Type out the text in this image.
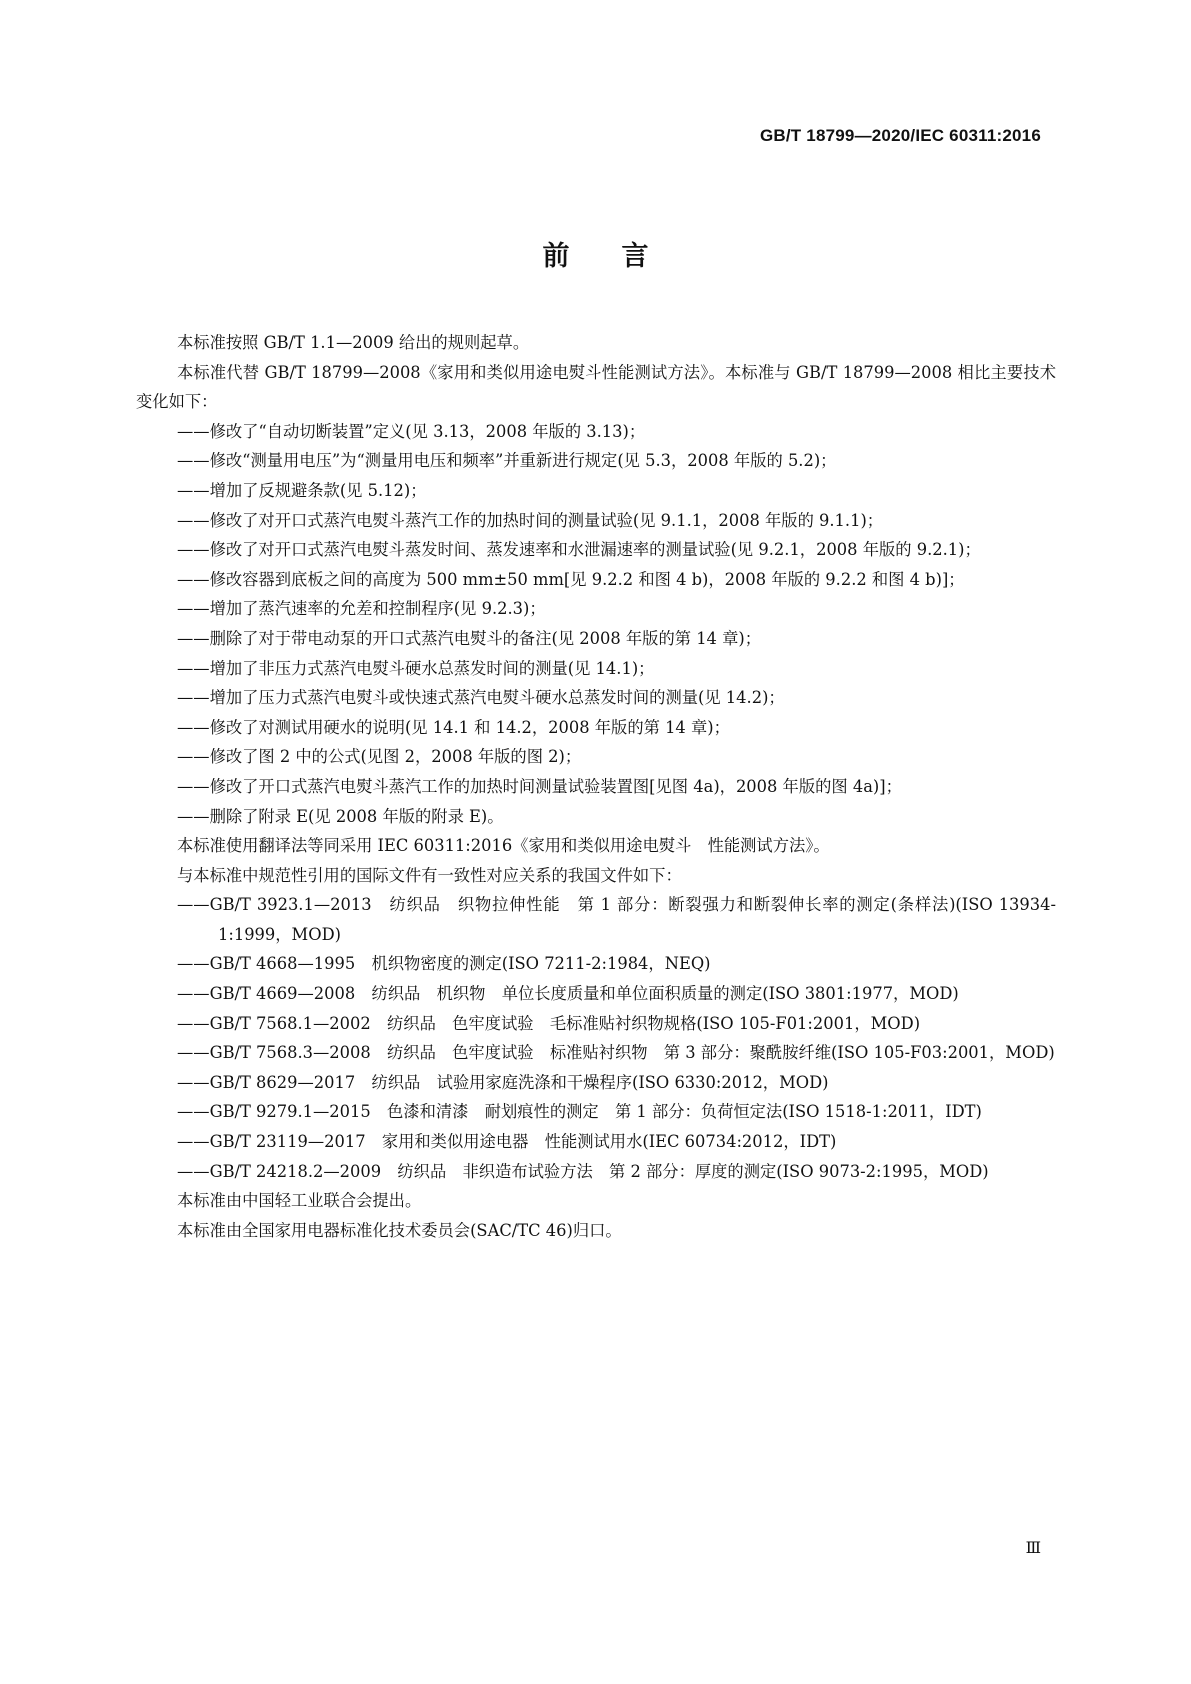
GB/T 18799—2020/IEC 60311:2016
前言

本标准按照 GB/T 1.1—2009 给出的规则起草。

本标准代替 GB/T 18799—2008《家用和类似用途电熨斗性能测试方法》。本标准与 GB/T 18799—2008 相比主要技术变化如下：

——修改了“自动切断装置”定义(见 3.13，2008 年版的 3.13)；

——修改“测量用电压”为“测量用电压和频率”并重新进行规定(见 5.3，2008 年版的 5.2)；

——增加了反规避条款(见 5.12)；

——修改了对开口式蒸汽电熨斗蒸汽工作的加热时间的测量试验(见 9.1.1，2008 年版的 9.1.1)；

——修改了对开口式蒸汽电熨斗蒸发时间、蒸发速率和水泄漏速率的测量试验(见 9.2.1，2008 年版的 9.2.1)；

——修改容器到底板之间的高度为 500 mm±50 mm[见 9.2.2 和图 4 b)，2008 年版的 9.2.2 和图 4 b)]；

——增加了蒸汽速率的允差和控制程序(见 9.2.3)；

——删除了对于带电动泵的开口式蒸汽电熨斗的备注(见 2008 年版的第 14 章)；

——增加了非压力式蒸汽电熨斗硬水总蒸发时间的测量(见 14.1)；

——增加了压力式蒸汽电熨斗或快速式蒸汽电熨斗硬水总蒸发时间的测量(见 14.2)；

——修改了对测试用硬水的说明(见 14.1 和 14.2，2008 年版的第 14 章)；

——修改了图 2 中的公式(见图 2，2008 年版的图 2)；

——修改了开口式蒸汽电熨斗蒸汽工作的加热时间测量试验装置图[见图 4a)，2008 年版的图 4a)]；

——删除了附录 E(见 2008 年版的附录 E)。

本标准使用翻译法等同采用 IEC 60311:2016《家用和类似用途电熨斗　性能测试方法》。

与本标准中规范性引用的国际文件有一致性对应关系的我国文件如下：

——GB/T 3923.1—2013　纺织品　织物拉伸性能　第 1 部分：断裂强力和断裂伸长率的测定(条样法)(ISO 13934-1:1999，MOD)

——GB/T 4668—1995　机织物密度的测定(ISO 7211-2:1984，NEQ)

——GB/T 4669—2008　纺织品　机织物　单位长度质量和单位面积质量的测定(ISO 3801:1977，MOD)

——GB/T 7568.1—2002　纺织品　色牢度试验　毛标准贴衬织物规格(ISO 105-F01:2001，MOD)

——GB/T 7568.3—2008　纺织品　色牢度试验　标准贴衬织物　第 3 部分：聚酰胺纤维(ISO 105-F03:2001，MOD)

——GB/T 8629—2017　纺织品　试验用家庭洗涤和干燥程序(ISO 6330:2012，MOD)

——GB/T 9279.1—2015　色漆和清漆　耐划痕性的测定　第 1 部分：负荷恒定法(ISO 1518-1:2011，IDT)

——GB/T 23119—2017　家用和类似用途电器　性能测试用水(IEC 60734:2012，IDT)

——GB/T 24218.2—2009　纺织品　非织造布试验方法　第 2 部分：厚度的测定(ISO 9073-2:1995，MOD)

本标准由中国轻工业联合会提出。

本标准由全国家用电器标准化技术委员会(SAC/TC 46)归口。

Ⅲ
